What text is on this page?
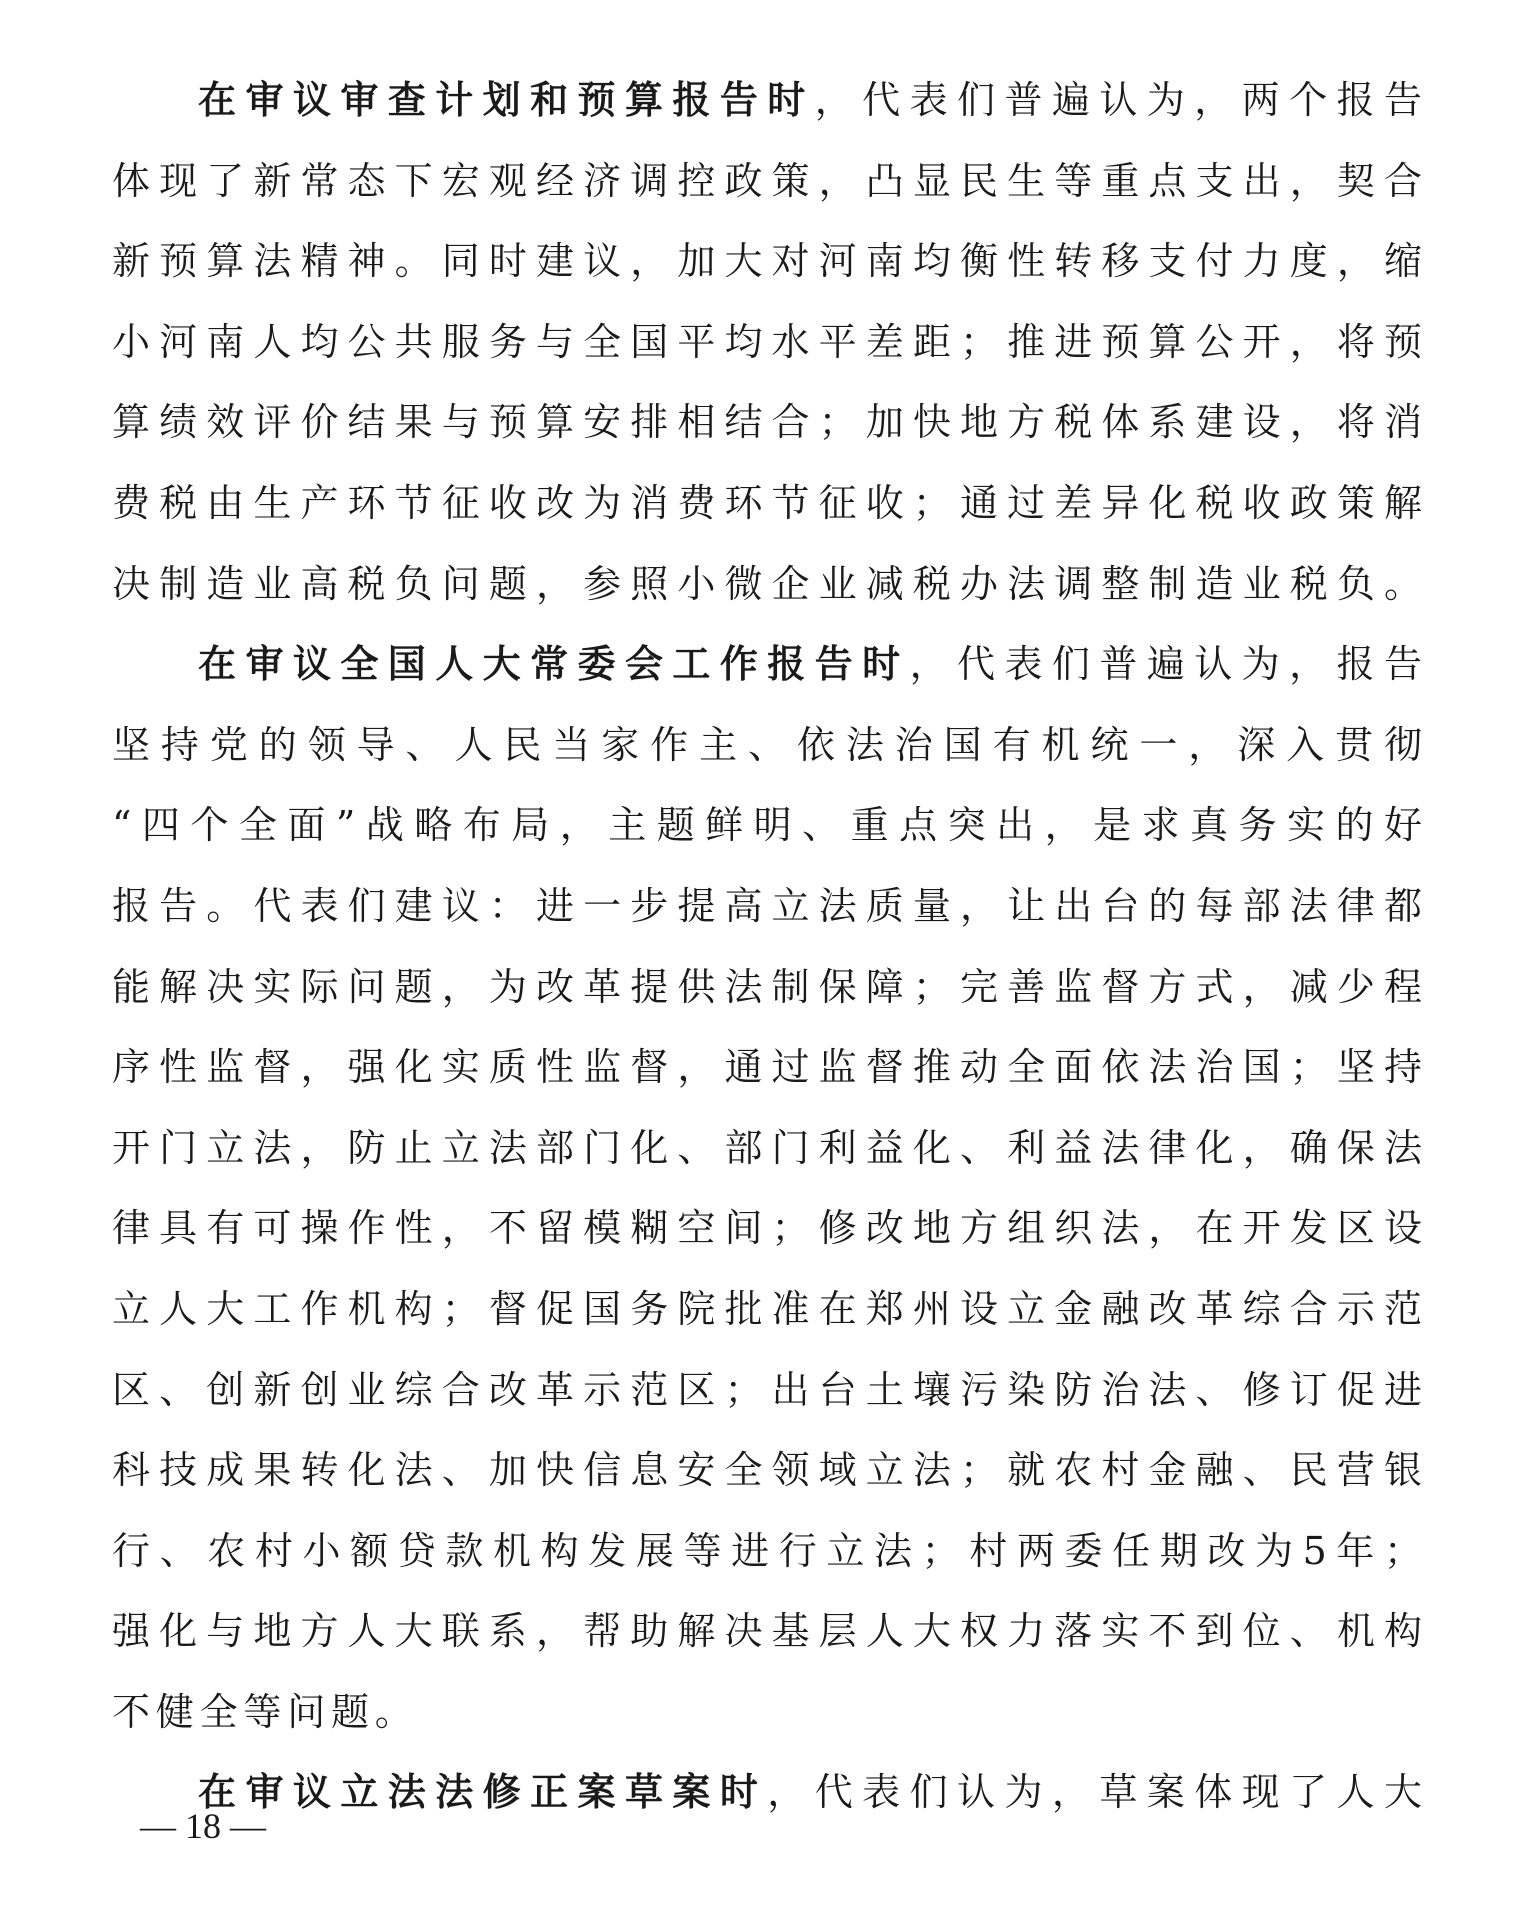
在审议审查计划和预算报告时，代表们普遍认为，两个报告
体现了新常态下宏观经济调控政策，凸显民生等重点支出，契合
新预算法精神。同时建议，加大对河南均衡性转移支付力度，缩
小河南人均公共服务与全国平均水平差距；推进预算公开，将预
算绩效评价结果与预算安排相结合；加快地方税体系建设，将消
费税由生产环节征收改为消费环节征收；通过差异化税收政策解
决制造业高税负问题，参照小微企业减税办法调整制造业税负。
在审议全国人大常委会工作报告时，代表们普遍认为，报告
坚持党的领导、人民当家作主、依法治国有机统一，深入贯彻
“四个全面”战略布局，主题鲜明、重点突出，是求真务实的好
报告。代表们建议：进一步提高立法质量，让出台的每部法律都
能解决实际问题，为改革提供法制保障；完善监督方式，减少程
序性监督，强化实质性监督，通过监督推动全面依法治国；坚持
开门立法，防止立法部门化、部门利益化、利益法律化，确保法
律具有可操作性，不留模糊空间；修改地方组织法，在开发区设
立人大工作机构；督促国务院批准在郑州设立金融改革综合示范
区、创新创业综合改革示范区；出台土壤污染防治法、修订促进
科技成果转化法、加快信息安全领域立法；就农村金融、民营银
行、农村小额贷款机构发展等进行立法；村两委任期改为5年；
强化与地方人大联系，帮助解决基层人大权力落实不到位、机构
不健全等问题。
在审议立法法修正案草案时，代表们认为，草案体现了人大
— 18 —
